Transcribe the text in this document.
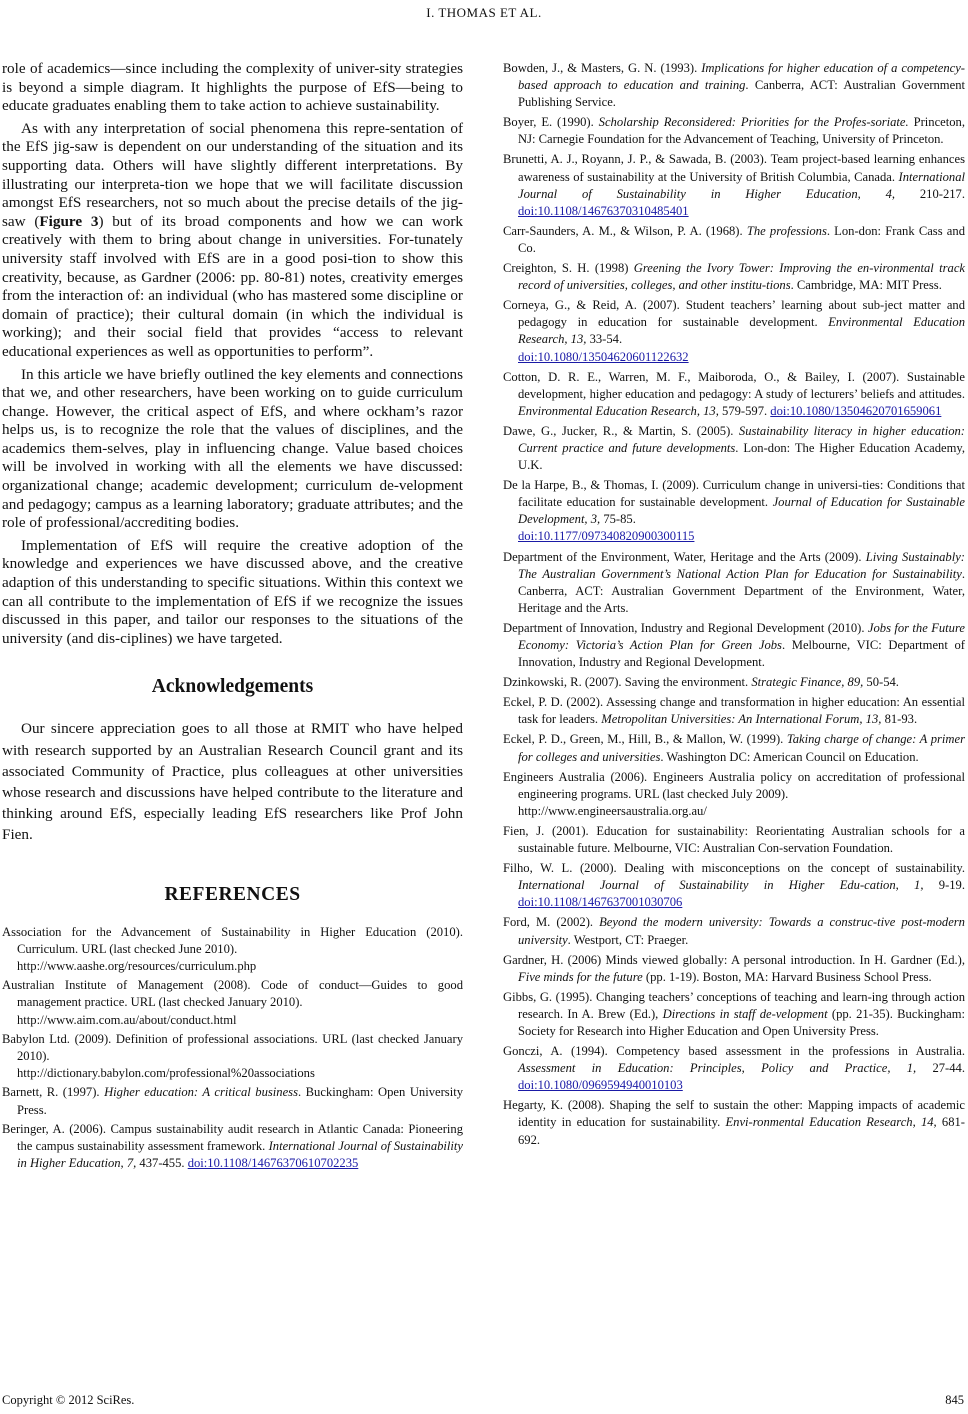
I. THOMAS ET AL.

role of academics—since including the complexity of univer-sity strategies is beyond a simple diagram. It highlights the purpose of EfS—being to educate graduates enabling them to take action to achieve sustainability.

As with any interpretation of social phenomena this repre-sentation of the EfS jig-saw is dependent on our understanding of the situation and its supporting data. Others will have slightly different interpretations. By illustrating our interpreta-tion we hope that we will facilitate discussion amongst EfS researchers, not so much about the precise details of the jig-saw (Figure 3) but of its broad components and how we can work creatively with them to bring about change in universities. For-tunately university staff involved with EfS are in a good posi-tion to show this creativity, because, as Gardner (2006: pp. 80-81) notes, creativity emerges from the interaction of: an individual (who has mastered some discipline or domain of practice); their cultural domain (in which the individual is working); and their social field that provides “access to relevant educational experiences as well as opportunities to perform”.

In this article we have briefly outlined the key elements and connections that we, and other researchers, have been working on to guide curriculum change. However, the critical aspect of EfS, and where ockham’s razor helps us, is to recognize the role that the values of disciplines, and the academics them-selves, play in influencing change. Value based choices will be involved in working with all the elements we have discussed: organizational change; academic development; curriculum de-velopment and pedagogy; campus as a learning laboratory; graduate attributes; and the role of professional/accrediting bodies.

Implementation of EfS will require the creative adoption of the knowledge and experiences we have discussed above, and the creative adaption of this understanding to specific situations. Within this context we can all contribute to the implementation of EfS if we recognize the issues discussed in this paper, and tailor our responses to the situations of the university (and dis-ciplines) we have targeted.

Acknowledgements

Our sincere appreciation goes to all those at RMIT who have helped with research supported by an Australian Research Council grant and its associated Community of Practice, plus colleagues at other universities whose research and discussions have helped contribute to the literature and thinking around EfS, especially leading EfS researchers like Prof John Fien.

REFERENCES

Association for the Advancement of Sustainability in Higher Education (2010). Curriculum. URL (last checked June 2010).
http://www.aashe.org/resources/curriculum.php

Australian Institute of Management (2008). Code of conduct—Guides to good management practice. URL (last checked January 2010).
http://www.aim.com.au/about/conduct.html

Babylon Ltd. (2009). Definition of professional associations. URL (last checked January 2010).
http://dictionary.babylon.com/professional%20associations

Barnett, R. (1997). Higher education: A critical business. Buckingham: Open University Press.

Beringer, A. (2006). Campus sustainability audit research in Atlantic Canada: Pioneering the campus sustainability assessment framework. International Journal of Sustainability in Higher Education, 7, 437-455. doi:10.1108/14676370610702235

Bowden, J., & Masters, G. N. (1993). Implications for higher education of a competency-based approach to education and training. Canberra, ACT: Australian Government Publishing Service.

Boyer, E. (1990). Scholarship Reconsidered: Priorities for the Profes-soriate. Princeton, NJ: Carnegie Foundation for the Advancement of Teaching, University of Princeton.

Brunetti, A. J., Royann, J. P., & Sawada, B. (2003). Team project-based learning enhances awareness of sustainability at the University of British Columbia, Canada. International Journal of Sustainability in Higher Education, 4, 210-217. doi:10.1108/14676370310485401

Carr-Saunders, A. M., & Wilson, P. A. (1968). The professions. Lon-don: Frank Cass and Co.

Creighton, S. H. (1998) Greening the Ivory Tower: Improving the en-vironmental track record of universities, colleges, and other institu-tions. Cambridge, MA: MIT Press.

Corneya, G., & Reid, A. (2007). Student teachers’ learning about sub-ject matter and pedagogy in education for sustainable development. Environmental Education Research, 13, 33-54.
doi:10.1080/13504620601122632

Cotton, D. R. E., Warren, M. F., Maiboroda, O., & Bailey, I. (2007). Sustainable development, higher education and pedagogy: A study of lecturers’ beliefs and attitudes. Environmental Education Research, 13, 579-597. doi:10.1080/13504620701659061

Dawe, G., Jucker, R., & Martin, S. (2005). Sustainability literacy in higher education: Current practice and future developments. Lon-don: The Higher Education Academy, U.K.

De la Harpe, B., & Thomas, I. (2009). Curriculum change in universi-ties: Conditions that facilitate education for sustainable development. Journal of Education for Sustainable Development, 3, 75-85.
doi:10.1177/097340820900300115

Department of the Environment, Water, Heritage and the Arts (2009). Living Sustainably: The Australian Government’s National Action Plan for Education for Sustainability. Canberra, ACT: Australian Government Department of the Environment, Water, Heritage and the Arts.

Department of Innovation, Industry and Regional Development (2010). Jobs for the Future Economy: Victoria’s Action Plan for Green Jobs. Melbourne, VIC: Department of Innovation, Industry and Regional Development.

Dzinkowski, R. (2007). Saving the environment. Strategic Finance, 89, 50-54.

Eckel, P. D. (2002). Assessing change and transformation in higher education: An essential task for leaders. Metropolitan Universities: An International Forum, 13, 81-93.

Eckel, P. D., Green, M., Hill, B., & Mallon, W. (1999). Taking charge of change: A primer for colleges and universities. Washington DC: American Council on Education.

Engineers Australia (2006). Engineers Australia policy on accreditation of professional engineering programs. URL (last checked July 2009).
http://www.engineersaustralia.org.au/

Fien, J. (2001). Education for sustainability: Reorientating Australian schools for a sustainable future. Melbourne, VIC: Australian Con-servation Foundation.

Filho, W. L. (2000). Dealing with misconceptions on the concept of sustainability. International Journal of Sustainability in Higher Edu-cation, 1, 9-19. doi:10.1108/1467637001030706

Ford, M. (2002). Beyond the modern university: Towards a construc-tive post-modern university. Westport, CT: Praeger.

Gardner, H. (2006) Minds viewed globally: A personal introduction. In H. Gardner (Ed.), Five minds for the future (pp. 1-19). Boston, MA: Harvard Business School Press.

Gibbs, G. (1995). Changing teachers’ conceptions of teaching and learn-ing through action research. In A. Brew (Ed.), Directions in staff de-velopment (pp. 21-35). Buckingham: Society for Research into Higher Education and Open University Press.

Gonczi, A. (1994). Competency based assessment in the professions in Australia. Assessment in Education: Principles, Policy and Practice, 1, 27-44. doi:10.1080/0969594940010103

Hegarty, K. (2008). Shaping the self to sustain the other: Mapping impacts of academic identity in education for sustainability. Envi-ronmental Education Research, 14, 681-692.

Copyright © 2012 SciRes.	845
